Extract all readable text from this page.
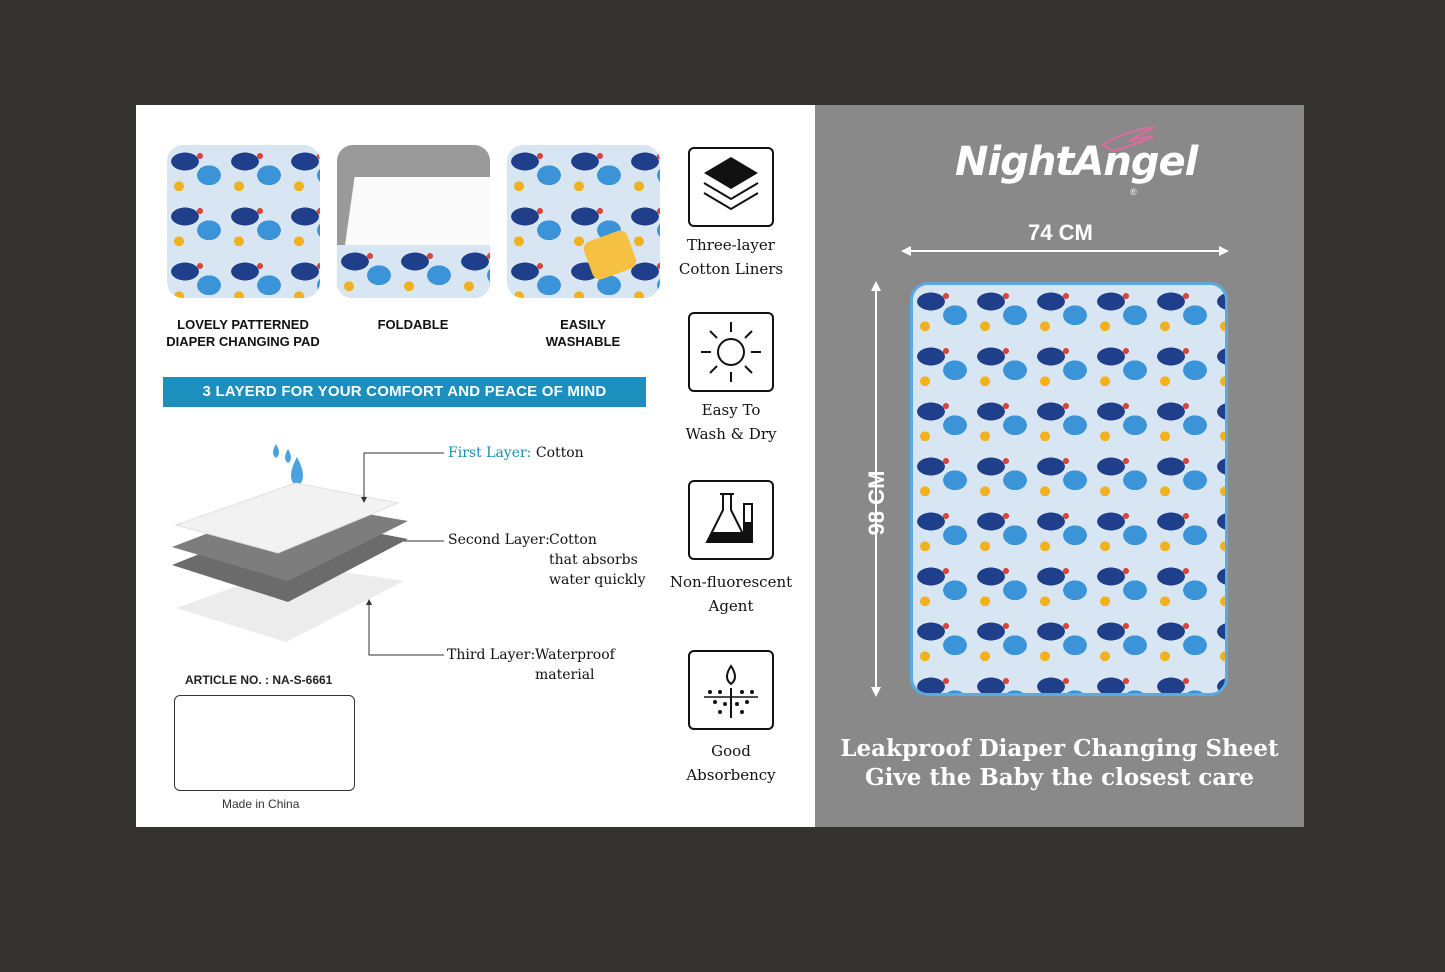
LOVELY PATTERNED
DIAPER CHANGING PAD
FOLDABLE	EASILY
WASHABLE
3 LAYERD FOR YOUR COMFORT AND PEACE OF MIND
First Layer: Cotton
Second Layer: Cotton
that absorbs
water quickly
Third Layer: Waterproof
material
ARTICLE NO. : NA-S-6661
Made in China
Three-layer
Cotton Liners
Easy To
Wash & Dry
Non-fluorescent
Agent
Good
Absorbency
NightAngel
®
74 CM
98 CM
Leakproof Diaper Changing Sheet
Give the Baby the closest care
